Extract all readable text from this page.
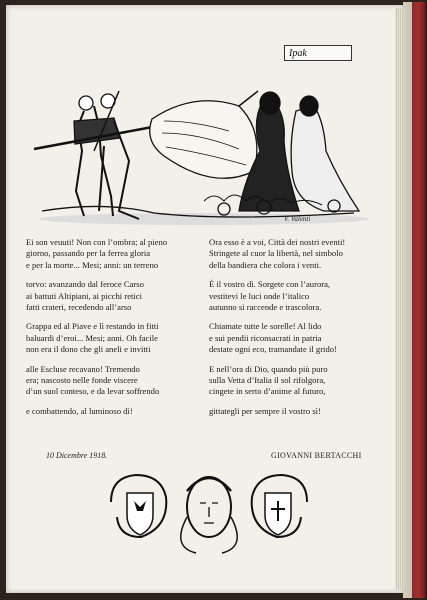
Ipak
V. Valenti
Ei son veuuti! Non con l’ombra; al pieno
giorno, passando per la ferrea gloria
e per la morte... Mesi; anni: un terreno
torvo: avanzando dal feroce Carso
ai battuti Altipiani, ai picchi retici
fatti crateri, recedendo all’arso
Grappa ed al Piave e lì restando in fitti
baluardi d’eroi... Mesi; anni. Oh facile
non era il dono che gli aneli e invitti
alle Escluse recavano! Tremendo
era; nascosto nelle fonde viscere
d’un suol conteso, e da levar soffrendo
e combattendo, al luminoso dì!
Ora esso è a voi, Città dei nostri eventi!
Stringete al cuor la libertà, nel simbolo
della bandiera che colora i venti.
È il vostro dì. Sorgete con l’aurora,
vestitevi le luci onde l’italico
autunno si raccende e trascolora.
Chiamate tutte le sorelle! Al lido
e sui pendii riconsacrati in patria
destate ogni eco, tramandate il grido!
E nell’ora di Dio, quando più puro
sulla Vetta d’Italia il sol rifolgora,
cingete in serto d’anime al futuro,
gittategli per sempre il vostro sì!
10 Dicembre 1918.	GIOVANNI BERTACCHI
